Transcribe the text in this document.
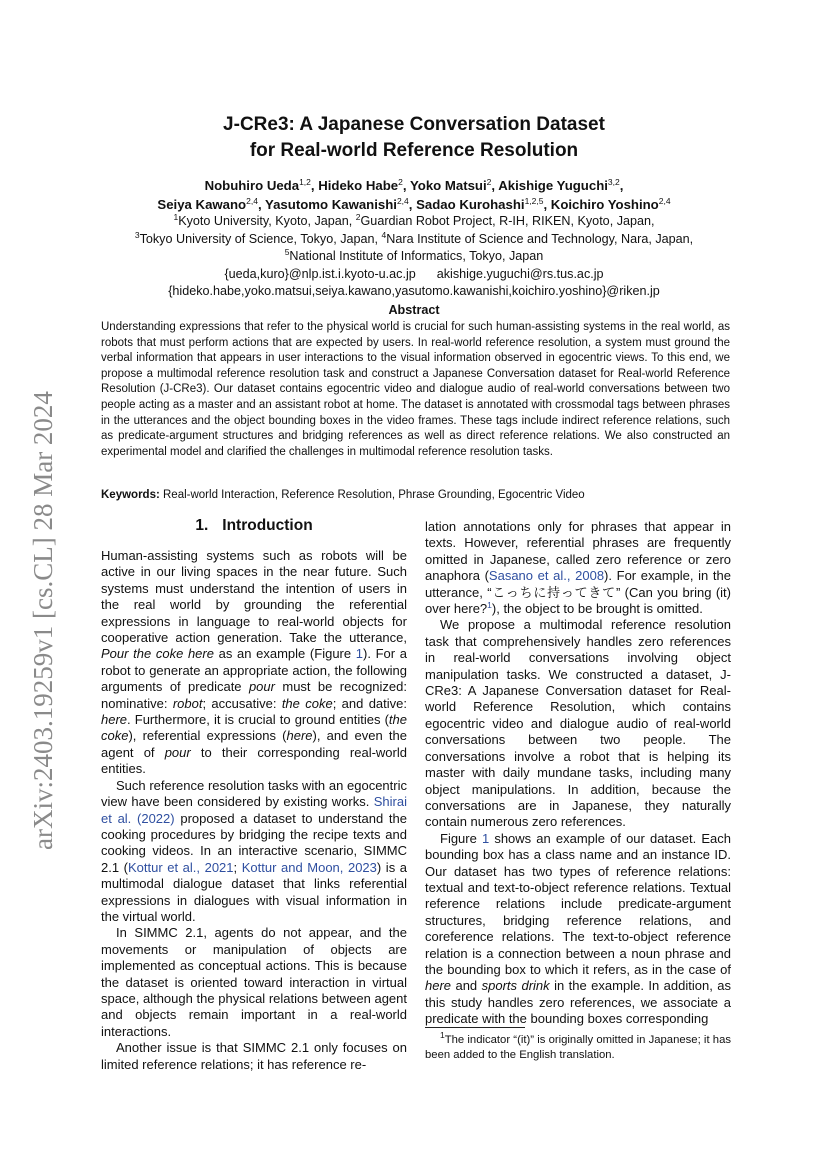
arXiv:2403.19259v1 [cs.CL] 28 Mar 2024
J-CRe3: A Japanese Conversation Dataset
for Real-world Reference Resolution
Nobuhiro Ueda$^{1,2}$, Hideko Habe$^2$, Yoko Matsui$^2$, Akishige Yuguchi$^{3,2}$,
Seiya Kawano$^{2,4}$, Yasutomo Kawanishi$^{2,4}$, Sadao Kurohashi$^{1,2,5}$, Koichiro Yoshino$^{2,4}$
$^1$Kyoto University, Kyoto, Japan, $^2$Guardian Robot Project, R-IH, RIKEN, Kyoto, Japan,
$^3$Tokyo University of Science, Tokyo, Japan, $^4$Nara Institute of Science and Technology, Nara, Japan,
$^5$National Institute of Informatics, Tokyo, Japan
{ueda,kuro}@nlp.ist.i.kyoto-u.ac.jp      akishige.yuguchi@rs.tus.ac.jp
{hideko.habe,yoko.matsui,seiya.kawano,yasutomo.kawanishi,koichiro.yoshino}@riken.jp
Abstract
Understanding expressions that refer to the physical world is crucial for such human-assisting systems in the real world, as robots that must perform actions that are expected by users. In real-world reference resolution, a system must ground the verbal information that appears in user interactions to the visual information observed in egocentric views. To this end, we propose a multimodal reference resolution task and construct a Japanese Conversation dataset for Real-world Reference Resolution (J-CRe3). Our dataset contains egocentric video and dialogue audio of real-world conversations between two people acting as a master and an assistant robot at home. The dataset is annotated with crossmodal tags between phrases in the utterances and the object bounding boxes in the video frames. These tags include indirect reference relations, such as predicate-argument structures and bridging references as well as direct reference relations. We also constructed an experimental model and clarified the challenges in multimodal reference resolution tasks.
Keywords: Real-world Interaction, Reference Resolution, Phrase Grounding, Egocentric Video
1. Introduction

Human-assisting systems such as robots will be active in our living spaces in the near future. Such systems must understand the intention of users in the real world by grounding the referential expressions in language to real-world objects for cooperative action generation. Take the utterance, Pour the coke here as an example (Figure 1). For a robot to generate an appropriate action, the following arguments of predicate pour must be recognized: nominative: robot; accusative: the coke; and dative: here. Furthermore, it is crucial to ground entities (the coke), referential expressions (here), and even the agent of pour to their corresponding real-world entities.

Such reference resolution tasks with an egocentric view have been considered by existing works. Shirai et al. (2022) proposed a dataset to understand the cooking procedures by bridging the recipe texts and cooking videos. In an interactive scenario, SIMMC 2.1 (Kottur et al., 2021; Kottur and Moon, 2023) is a multimodal dialogue dataset that links referential expressions in dialogues with visual information in the virtual world.

In SIMMC 2.1, agents do not appear, and the movements or manipulation of objects are implemented as conceptual actions. This is because the dataset is oriented toward interaction in virtual space, although the physical relations between agent and objects remain important in a real-world interactions.

Another issue is that SIMMC 2.1 only focuses on limited reference relations; it has reference re-

lation annotations only for phrases that appear in texts. However, referential phrases are frequently omitted in Japanese, called zero reference or zero anaphora (Sasano et al., 2008). For example, in the utterance, “こっちに持ってきて” (Can you bring (it) over here?$^1$), the object to be brought is omitted.

We propose a multimodal reference resolution task that comprehensively handles zero references in real-world conversations involving object manipulation tasks. We constructed a dataset, J-CRe3: A Japanese Conversation dataset for Real-world Reference Resolution, which contains egocentric video and dialogue audio of real-world conversations between two people. The conversations involve a robot that is helping its master with daily mundane tasks, including many object manipulations. In addition, because the conversations are in Japanese, they naturally contain numerous zero references.

Figure 1 shows an example of our dataset. Each bounding box has a class name and an instance ID. Our dataset has two types of reference relations: textual and text-to-object reference relations. Textual reference relations include predicate-argument structures, bridging reference relations, and coreference relations. The text-to-object reference relation is a connection between a noun phrase and the bounding box to which it refers, as in the case of here and sports drink in the example. In addition, as this study handles zero references, we associate a predicate with the bounding boxes corresponding

$^1$The indicator “(it)” is originally omitted in Japanese; it has been added to the English translation.
